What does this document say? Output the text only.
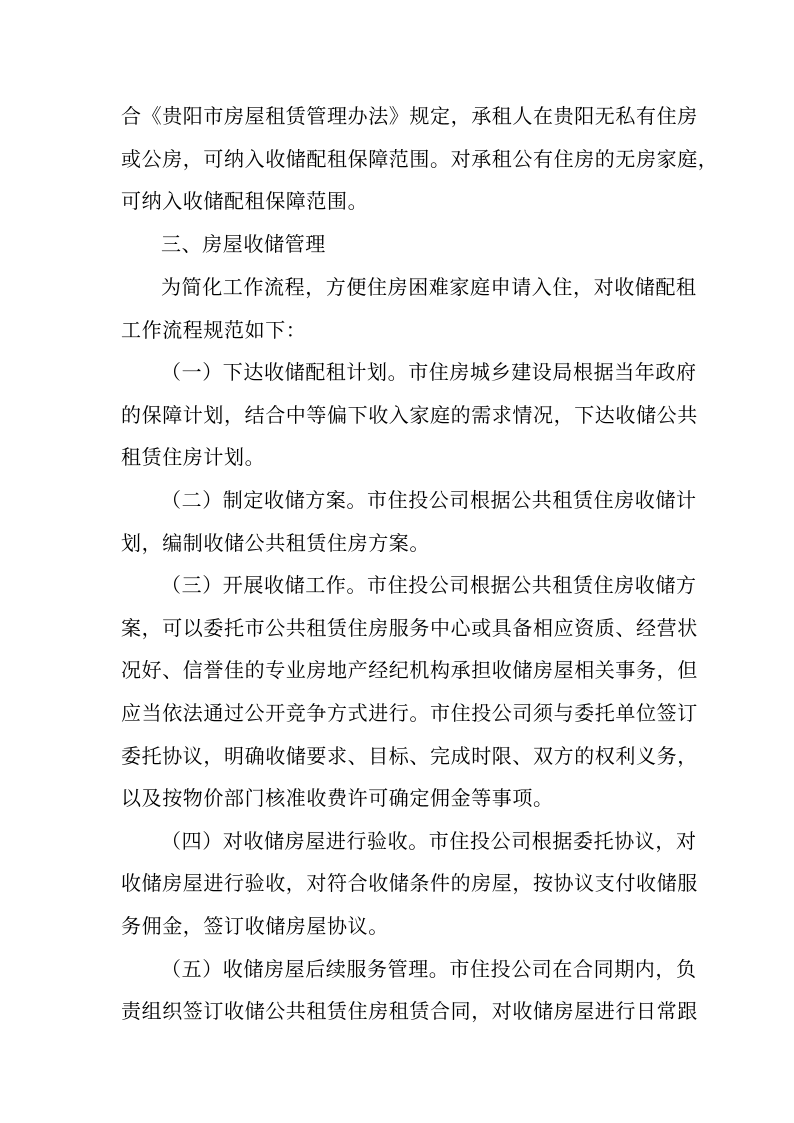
合《贵阳市房屋租赁管理办法》规定，承租人在贵阳无私有住房
或公房，可纳入收储配租保障范围。对承租公有住房的无房家庭，
可纳入收储配租保障范围。
三、房屋收储管理
为简化工作流程，方便住房困难家庭申请入住，对收储配租
工作流程规范如下：
（一）下达收储配租计划。市住房城乡建设局根据当年政府
的保障计划，结合中等偏下收入家庭的需求情况，下达收储公共
租赁住房计划。
（二）制定收储方案。市住投公司根据公共租赁住房收储计
划，编制收储公共租赁住房方案。
（三）开展收储工作。市住投公司根据公共租赁住房收储方
案，可以委托市公共租赁住房服务中心或具备相应资质、经营状
况好、信誉佳的专业房地产经纪机构承担收储房屋相关事务，但
应当依法通过公开竞争方式进行。市住投公司须与委托单位签订
委托协议，明确收储要求、目标、完成时限、双方的权利义务，
以及按物价部门核准收费许可确定佣金等事项。
（四）对收储房屋进行验收。市住投公司根据委托协议，对
收储房屋进行验收，对符合收储条件的房屋，按协议支付收储服
务佣金，签订收储房屋协议。
（五）收储房屋后续服务管理。市住投公司在合同期内，负
责组织签订收储公共租赁住房租赁合同，对收储房屋进行日常跟
